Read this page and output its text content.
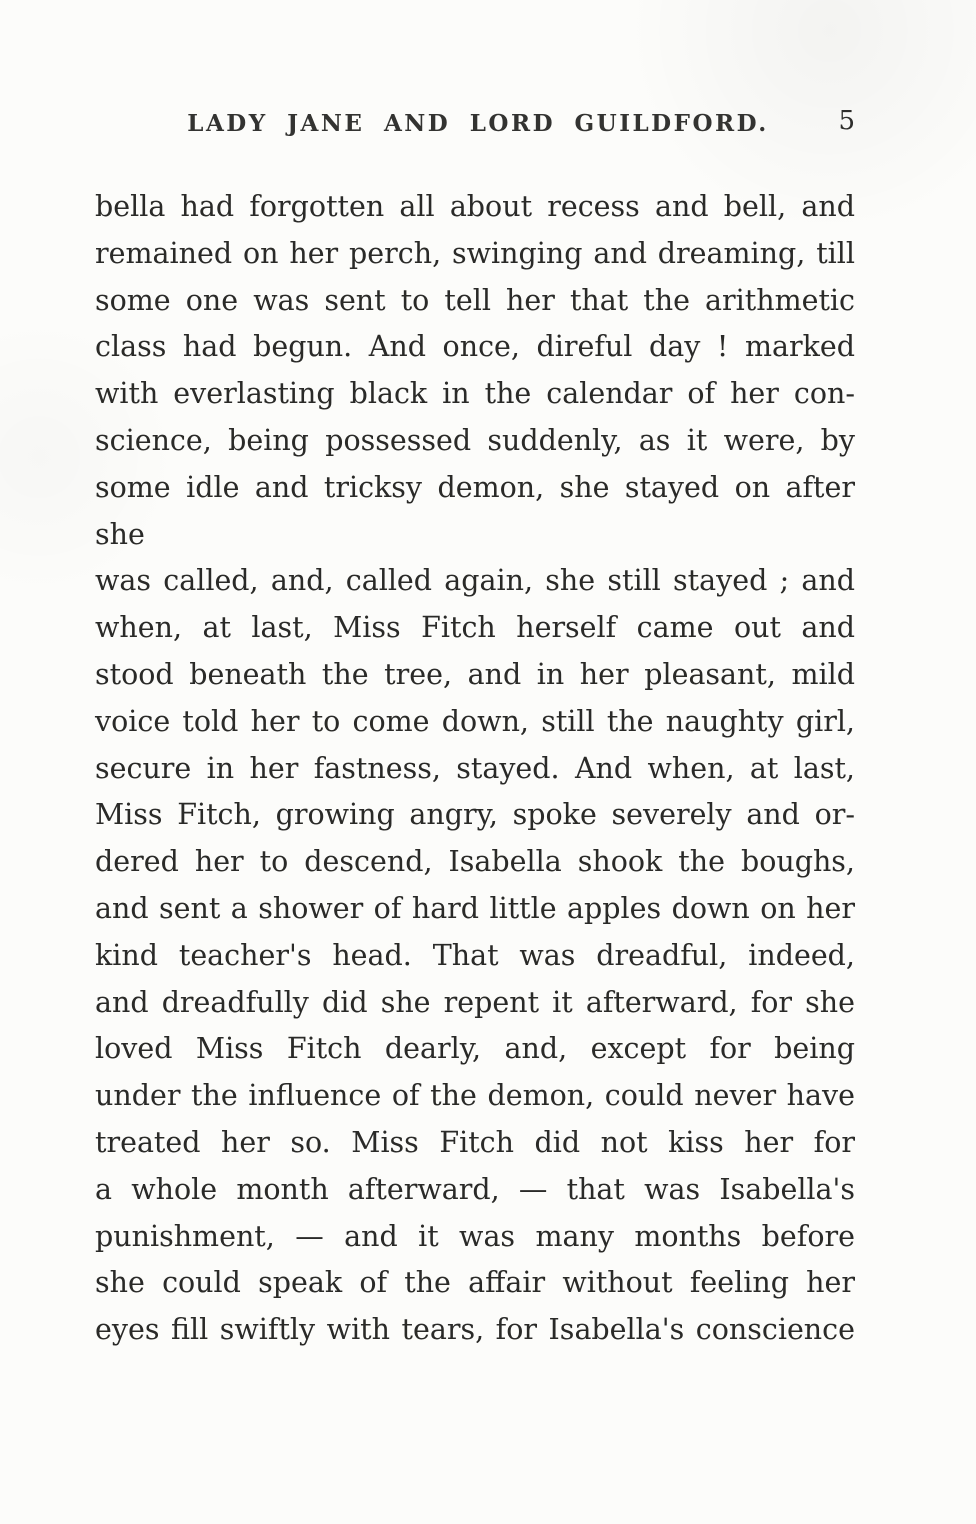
LADY JANE AND LORD GUILDFORD.	5
bella had forgotten all about recess and bell, and
remained on her perch, swinging and dreaming, till
some one was sent to tell her that the arithmetic
class had begun. And once, direful day ! marked
with everlasting black in the calendar of her con-
science, being possessed suddenly, as it were, by
some idle and tricksy demon, she stayed on after she
was called, and, called again, she still stayed ; and
when, at last, Miss Fitch herself came out and
stood beneath the tree, and in her pleasant, mild
voice told her to come down, still the naughty girl,
secure in her fastness, stayed. And when, at last,
Miss Fitch, growing angry, spoke severely and or-
dered her to descend, Isabella shook the boughs,
and sent a shower of hard little apples down on her
kind teacher's head. That was dreadful, indeed,
and dreadfully did she repent it afterward, for she
loved Miss Fitch dearly, and, except for being
under the influence of the demon, could never have
treated her so. Miss Fitch did not kiss her for
a whole month afterward, — that was Isabella's
punishment, — and it was many months before
she could speak of the affair without feeling her
eyes fill swiftly with tears, for Isabella's conscience
